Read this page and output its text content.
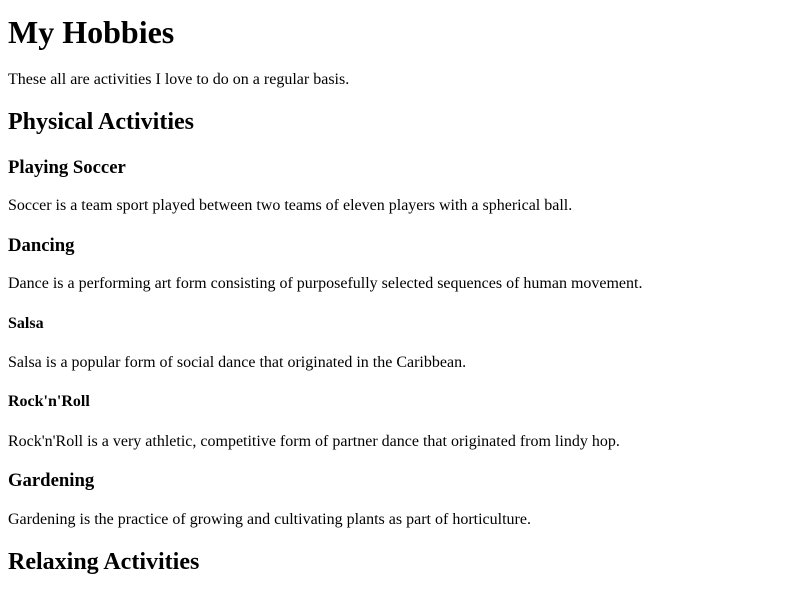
My Hobbies

These all are activities I love to do on a regular basis.

Physical Activities
Playing Soccer

Soccer is a team sport played between two teams of eleven players with a spherical ball.

Dancing

Dance is a performing art form consisting of purposefully selected sequences of human movement.

Salsa

Salsa is a popular form of social dance that originated in the Caribbean.

Rock'n'Roll

Rock'n'Roll is a very athletic, competitive form of partner dance that originated from lindy hop.

Gardening

Gardening is the practice of growing and cultivating plants as part of horticulture.

Relaxing Activities
